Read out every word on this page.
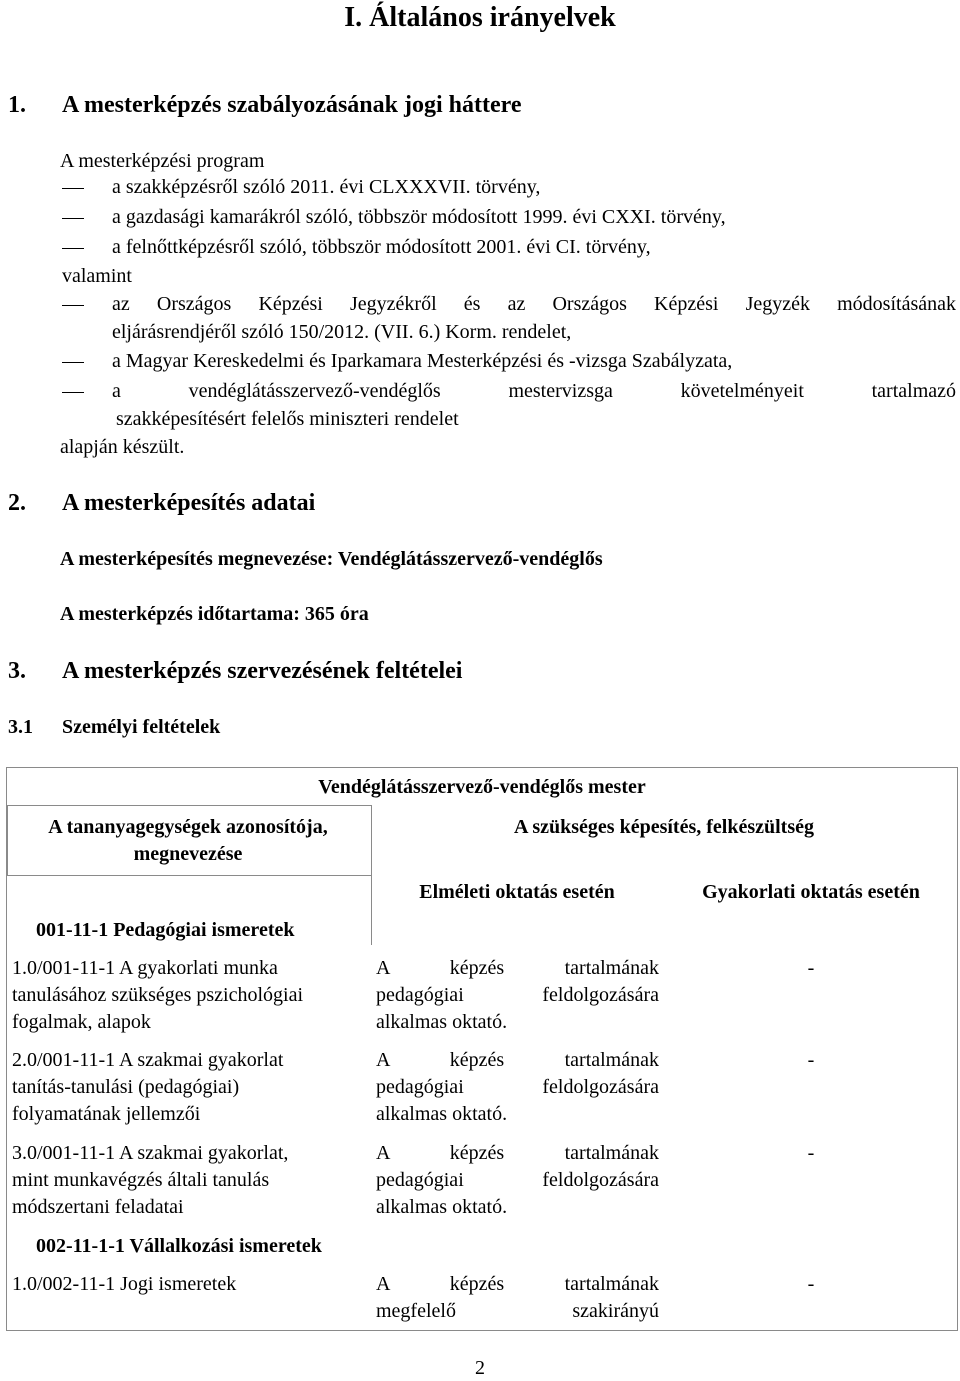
I. Általános irányelvek
1. A mesterképzés szabályozásának jogi háttere
A mesterképzési program
a szakképzésről szóló 2011. évi CLXXXVII. törvény,
a gazdasági kamarákról szóló, többször módosított 1999. évi CXXI. törvény,
a felnőttképzésről szóló, többször módosított 2001. évi CI. törvény,
valamint
az Országos Képzési Jegyzékről és az Országos Képzési Jegyzék módosításának
eljárásrendjéről szóló 150/2012. (VII. 6.) Korm. rendelet,
a Magyar Kereskedelmi és Iparkamara Mesterképzési és -vizsga Szabályzata,
a vendéglátásszervező-vendéglős mestervizsga követelményeit tartalmazó
szakképesítésért felelős miniszteri rendelet
alapján készült.
2. A mesterképesítés adatai
A mesterképesítés megnevezése: Vendéglátásszervező-vendéglős
A mesterképzés időtartama: 365 óra
3. A mesterképzés szervezésének feltételei
3.1 Személyi feltételek
Vendéglátásszervező-vendéglős mester
A tananyagegységek azonosítója,
megnevezése
A szükséges képesítés, felkészültség
Elméleti oktatás esetén	Gyakorlati oktatás esetén
001-11-1 Pedagógiai ismeretek
1.0/001-11-1 A gyakorlati munka
tanulásához szükséges pszichológiai
fogalmak, alapok
A képzés tartalmának
pedagógiai feldolgozására
alkalmas oktató.
-
2.0/001-11-1 A szakmai gyakorlat
tanítás-tanulási (pedagógiai)
folyamatának jellemzői
A képzés tartalmának
pedagógiai feldolgozására
alkalmas oktató.
-
3.0/001-11-1 A szakmai gyakorlat,
mint munkavégzés általi tanulás
módszertani feladatai
A képzés tartalmának
pedagógiai feldolgozására
alkalmas oktató.
-
002-11-1-1 Vállalkozási ismeretek
1.0/002-11-1 Jogi ismeretek	A képzés tartalmának
megfelelő szakirányú
-
2
